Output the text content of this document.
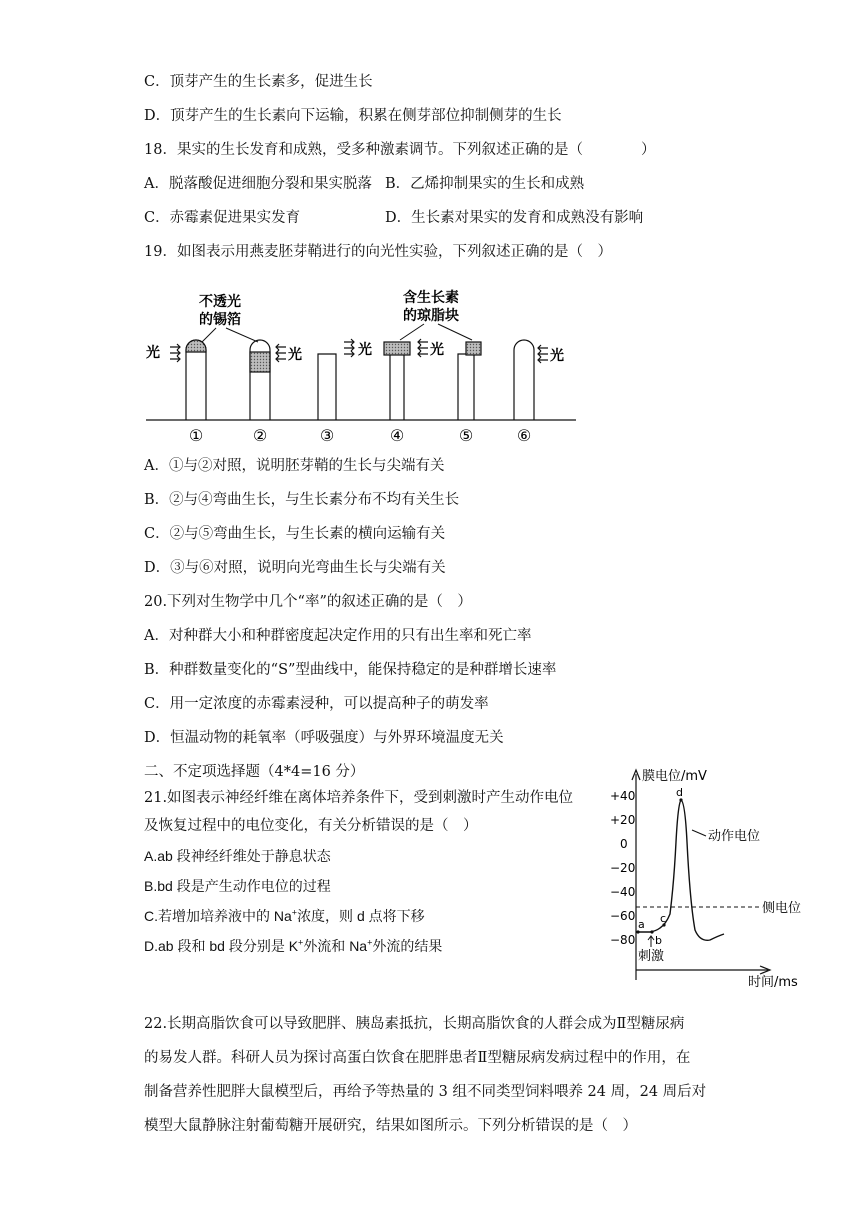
C．顶芽产生的生长素多，促进生长
D．顶芽产生的生长素向下运输，积累在侧芽部位抑制侧芽的生长
18．果实的生长发育和成熟，受多种激素调节。下列叙述正确的是（　　　　）
A．脱落酸促进细胞分裂和果实脱落 B．乙烯抑制果实的生长和成熟
C．赤霉素促进果实发育	D．生长素对果实的发育和成熟没有影响
19．如图表示用燕麦胚芽鞘进行的向光性实验，下列叙述正确的是（　）
不透光
的锡箔
含生长素
的琼脂块
光	光	光	光	光
①	②	③	④	⑤	⑥
A．①与②对照，说明胚芽鞘的生长与尖端有关
B．②与④弯曲生长，与生长素分布不均有关生长
C．②与⑤弯曲生长，与生长素的横向运输有关
D．③与⑥对照，说明向光弯曲生长与尖端有关
20.下列对生物学中几个“率”的叙述正确的是（　）
A．对种群大小和种群密度起决定作用的只有出生率和死亡率
B．种群数量变化的“S”型曲线中，能保持稳定的是种群增长速率
C．用一定浓度的赤霉素浸种，可以提高种子的萌发率
D．恒温动物的耗氧率（呼吸强度）与外界环境温度无关
二、不定项选择题（4*4=16 分）
21.如图表示神经纤维在离体培养条件下，受到刺激时产生动作电位
及恢复过程中的电位变化，有关分析错误的是（　）
A.ab 段神经纤维处于静息状态
B.bd 段是产生动作电位的过程
C.若增加培养液中的 Na+浓度，则 d 点将下移
D.ab 段和 bd 段分别是 K+外流和 Na+外流的结果
膜电位/mV
时间/ms
+40
+20
0
−20
−40
−60
−80
侧电位
动作电位
a
b
c
d
刺激
22.长期高脂饮食可以导致肥胖、胰岛素抵抗，长期高脂饮食的人群会成为Ⅱ型糖尿病
的易发人群。科研人员为探讨高蛋白饮食在肥胖患者Ⅱ型糖尿病发病过程中的作用，在
制备营养性肥胖大鼠模型后，再给予等热量的 3 组不同类型饲料喂养 24 周，24 周后对
模型大鼠静脉注射葡萄糖开展研究，结果如图所示。下列分析错误的是（　）
